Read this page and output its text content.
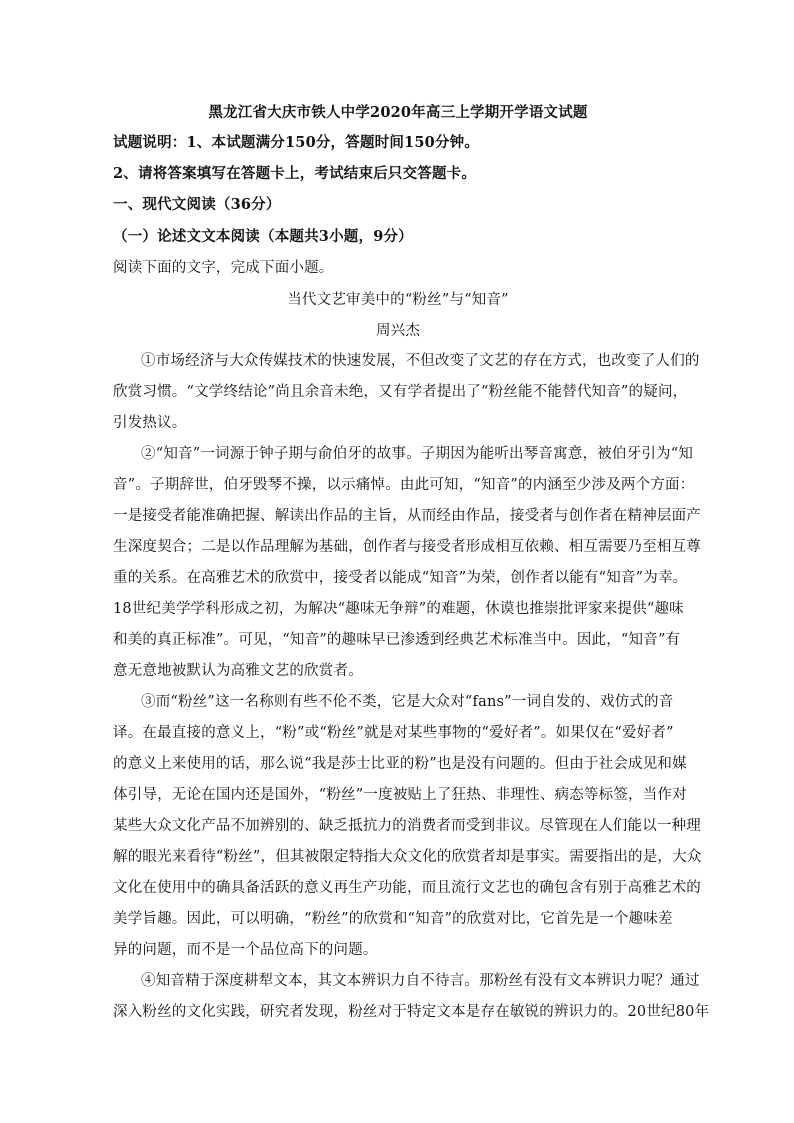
黑龙江省大庆市铁人中学2020年高三上学期开学语文试题
试题说明：1、本试题满分150分，答题时间150分钟。
2、请将答案填写在答题卡上，考试结束后只交答题卡。
一、现代文阅读（36分）
（一）论述文文本阅读（本题共3小题，9分）
阅读下面的文字，完成下面小题。
当代文艺审美中的“粉丝”与“知音”
周兴杰
①市场经济与大众传媒技术的快速发展，不但改变了文艺的存在方式，也改变了人们的
欣赏习惯。“文学终结论”尚且余音未绝，又有学者提出了“粉丝能不能替代知音”的疑问，
引发热议。
②“知音”一词源于钟子期与俞伯牙的故事。子期因为能听出琴音寓意，被伯牙引为“知
音”。子期辞世，伯牙毁琴不操，以示痛悼。由此可知，“知音”的内涵至少涉及两个方面：
一是接受者能准确把握、解读出作品的主旨，从而经由作品，接受者与创作者在精神层面产
生深度契合；二是以作品理解为基础，创作者与接受者形成相互依赖、相互需要乃至相互尊
重的关系。在高雅艺术的欣赏中，接受者以能成“知音”为荣，创作者以能有“知音”为幸。
18世纪美学学科形成之初，为解决“趣味无争辩”的难题，休谟也推崇批评家来提供“趣味
和美的真正标准”。可见，“知音”的趣味早已渗透到经典艺术标准当中。因此，“知音”有
意无意地被默认为高雅文艺的欣赏者。
③而“粉丝”这一名称则有些不伦不类，它是大众对“fans”一词自发的、戏仿式的音
译。在最直接的意义上，“粉”或“粉丝”就是对某些事物的“爱好者”。如果仅在“爱好者”
的意义上来使用的话，那么说“我是莎士比亚的粉”也是没有问题的。但由于社会成见和媒
体引导，无论在国内还是国外，“粉丝”一度被贴上了狂热、非理性、病态等标签，当作对
某些大众文化产品不加辨别的、缺乏抵抗力的消费者而受到非议。尽管现在人们能以一种理
解的眼光来看待“粉丝”，但其被限定特指大众文化的欣赏者却是事实。需要指出的是，大众
文化在使用中的确具备活跃的意义再生产功能，而且流行文艺也的确包含有别于高雅艺术的
美学旨趣。因此，可以明确，“粉丝”的欣赏和“知音”的欣赏对比，它首先是一个趣味差
异的问题，而不是一个品位高下的问题。
④知音精于深度耕犁文本，其文本辨识力自不待言。那粉丝有没有文本辨识力呢？通过
深入粉丝的文化实践，研究者发现，粉丝对于特定文本是存在敏锐的辨识力的。20世纪80年
